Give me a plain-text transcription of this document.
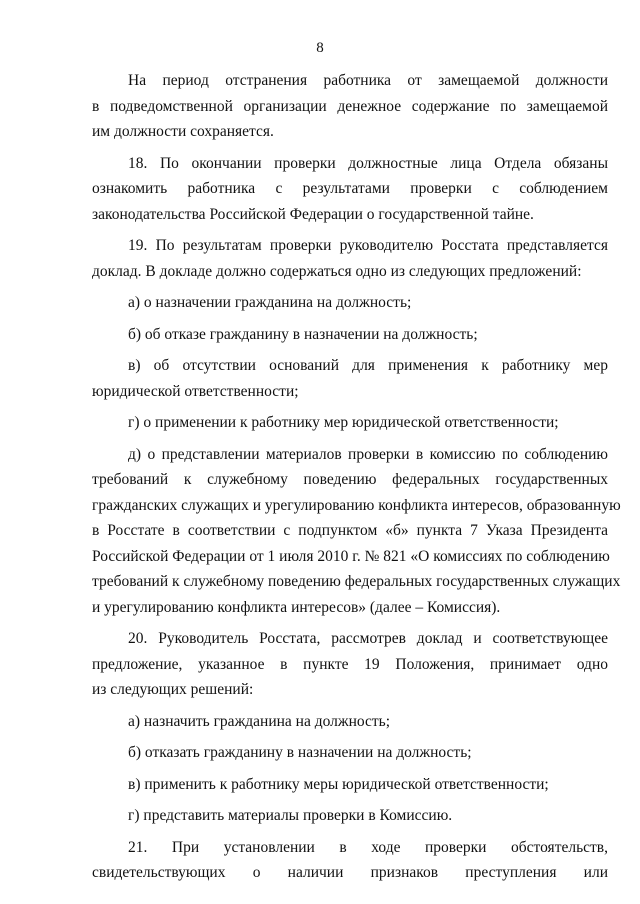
8
На период отстранения работника от замещаемой должности
в подведомственной организации денежное содержание по замещаемой
им должности сохраняется.
18. По окончании проверки должностные лица Отдела обязаны
ознакомить работника с результатами проверки с соблюдением
законодательства Российской Федерации о государственной тайне.
19. По результатам проверки руководителю Росстата представляется
доклад. В докладе должно содержаться одно из следующих предложений:
а) о назначении гражданина на должность;
б) об отказе гражданину в назначении на должность;
в) об отсутствии оснований для применения к работнику мер
юридической ответственности;
г) о применении к работнику мер юридической ответственности;
д) о представлении материалов проверки в комиссию по соблюдению
требований к служебному поведению федеральных государственных
гражданских служащих и урегулированию конфликта интересов, образованную
в Росстате в соответствии с подпунктом «б» пункта 7 Указа Президента
Российской Федерации от 1 июля 2010 г. № 821 «О комиссиях по соблюдению
требований к служебному поведению федеральных государственных служащих
и урегулированию конфликта интересов» (далее – Комиссия).
20. Руководитель Росстата, рассмотрев доклад и соответствующее
предложение, указанное в пункте 19 Положения, принимает одно
из следующих решений:
а) назначить гражданина на должность;
б) отказать гражданину в назначении на должность;
в) применить к работнику меры юридической ответственности;
г) представить материалы проверки в Комиссию.
21. При установлении в ходе проверки обстоятельств,
свидетельствующих о наличии признаков преступления или
